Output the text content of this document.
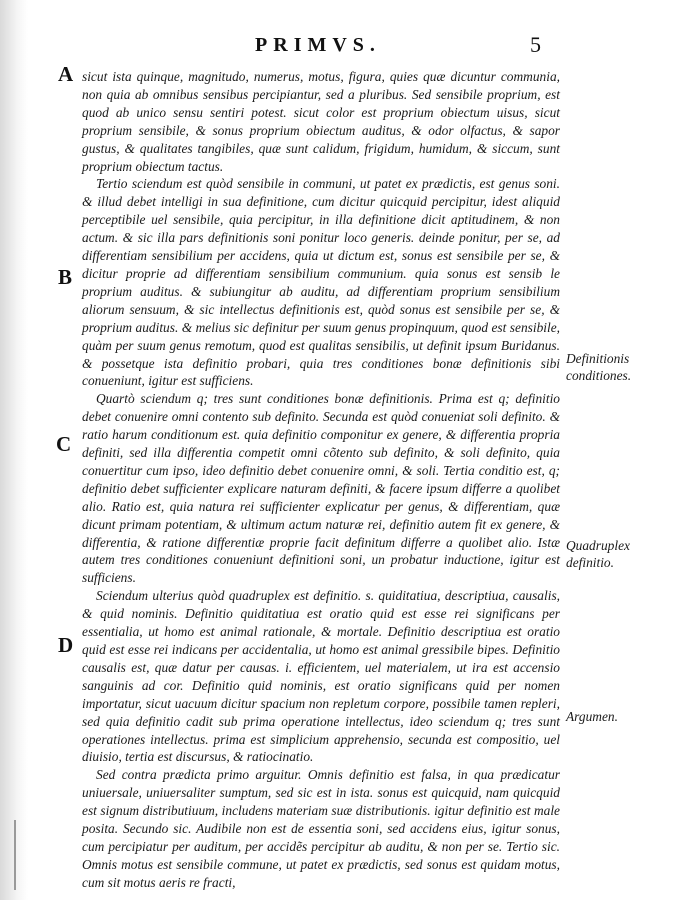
PRIMVS.	5
A
B
C
D
Definitionis conditiones.
Quadruplex definitio.
Argumen.

sicut ista quinque, magnitudo, numerus, motus, figura, quies quæ dicuntur communia, non quia ab omnibus sensibus percipiantur, sed a pluribus. Sed sensibile proprium, est quod ab unico sensu sentiri potest. sicut color est proprium obiectum uisus, sicut proprium sensibile, & sonus proprium obiectum auditus, & odor olfactus, & sapor gustus, & qualitates tangibiles, quæ sunt calidum, frigidum, humidum, & siccum, sunt proprium obiectum tactus.

Tertio sciendum est quòd sensibile in communi, ut patet ex prædictis, est genus soni. & illud debet intelligi in sua definitione, cum dicitur quicquid percipitur, idest aliquid perceptibile uel sensibile, quia percipitur, in illa definitione dicit aptitudinem, & non actum. & sic illa pars definitionis soni ponitur loco generis. deinde ponitur, per se, ad differentiam sensibilium per accidens, quia ut dictum est, sonus est sensibile per se, & dicitur proprie ad differentiam sensibilium communium. quia sonus est sensib le proprium auditus. & subiungitur ab auditu, ad differentiam proprium sensibilium aliorum sensuum, & sic intellectus definitionis est, quòd sonus est sensibile per se, & proprium auditus. & melius sic definitur per suum genus propinquum, quod est sensibile, quàm per suum genus remotum, quod est qualitas sensibilis, ut definit ipsum Buridanus. & possetque ista definitio probari, quia tres conditiones bonæ definitionis sibi conueniunt, igitur est sufficiens.

Quartò sciendum q; tres sunt conditiones bonæ definitionis. Prima est q; definitio debet conuenire omni contento sub definito. Secunda est quòd conueniat soli definito. & ratio harum conditionum est. quia definitio componitur ex genere, & differentia propria definiti, sed illa differentia competit omni cõtento sub definito, & soli definito, quia conuertitur cum ipso, ideo definitio debet conuenire omni, & soli. Tertia conditio est, q; definitio debet sufficienter explicare naturam definiti, & facere ipsum differre a quolibet alio. Ratio est, quia natura rei sufficienter explicatur per genus, & differentiam, quæ dicunt primam potentiam, & ultimum actum naturæ rei, definitio autem fit ex genere, & differentia, & ratione differentiæ proprie facit definitum differre a quolibet alio. Istæ autem tres conditiones conueniunt definitioni soni, un probatur inductione, igitur est sufficiens.

Sciendum ulterius quòd quadruplex est definitio. s. quiditatiua, descriptiua, causalis, & quid nominis. Definitio quiditatiua est oratio quid est esse rei significans per essentialia, ut homo est animal rationale, & mortale. Definitio descriptiua est oratio quid est esse rei indicans per accidentalia, ut homo est animal gressibile bipes. Definitio causalis est, quæ datur per causas. i. efficientem, uel materialem, ut ira est accensio sanguinis ad cor. Definitio quid nominis, est oratio significans quid per nomen importatur, sicut uacuum dicitur spacium non repletum corpore, possibile tamen repleri, sed quia definitio cadit sub prima operatione intellectus, ideo sciendum q; tres sunt operationes intellectus. prima est simplicium apprehensio, secunda est compositio, uel diuisio, tertia est discursus, & ratiocinatio.

Sed contra prædicta primo arguitur. Omnis definitio est falsa, in qua prædicatur uniuersale, uniuersaliter sumptum, sed sic est in ista. sonus est quicquid, nam quicquid est signum distributiuum, includens materiam suæ distributionis. igitur definitio est male posita. Secundo sic. Audibile non est de essentia soni, sed accidens eius, igitur sonus, cum percipiatur per auditum, per accidẽs percipitur ab auditu, & non per se. Tertio sic. Omnis motus est sensibile commune, ut patet ex prædictis, sed sonus est quidam motus, cum sit motus aeris re fracti,
